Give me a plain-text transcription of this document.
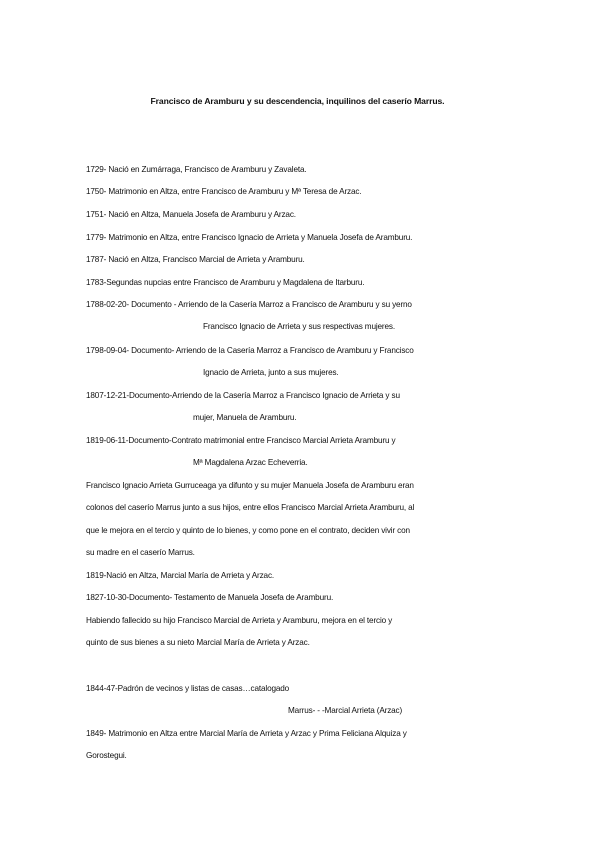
Francisco de Aramburu y su descendencia, inquilinos del caserío Marrus.
1729- Nació en Zumárraga, Francisco de Aramburu y Zavaleta.
1750- Matrimonio en Altza, entre Francisco de Aramburu y Mª Teresa de Arzac.
1751- Nació en Altza, Manuela Josefa de Aramburu y Arzac.
1779- Matrimonio en Altza, entre Francisco Ignacio de Arrieta y Manuela Josefa de Aramburu.
1787- Nació en Altza, Francisco Marcial de Arrieta y Aramburu.
1783-Segundas nupcias entre Francisco de Aramburu y Magdalena de Itarburu.
1788-02-20- Documento - Arriendo de la Casería Marroz a Francisco de Aramburu y su yerno
Francisco Ignacio de Arrieta y sus respectivas mujeres.
1798-09-04- Documento- Arriendo de la Casería Marroz a Francisco de Aramburu y Francisco
Ignacio de Arrieta, junto a sus mujeres.
1807-12-21-Documento-Arriendo de la Casería Marroz a Francisco Ignacio de Arrieta y su
mujer, Manuela de Aramburu.
1819-06-11-Documento-Contrato matrimonial entre Francisco Marcial Arrieta Aramburu y
Mª Magdalena Arzac Echeverria.
Francisco Ignacio Arrieta Gurruceaga ya difunto y su mujer Manuela Josefa de Aramburu eran
colonos del caserío Marrus junto a sus hijos, entre ellos Francisco Marcial Arrieta Aramburu, al
que le mejora en el tercio y quinto de lo bienes, y como pone en el contrato, deciden vivir con
su madre en el caserío Marrus.
1819-Nació en Altza, Marcial María de Arrieta y Arzac.
1827-10-30-Documento- Testamento de Manuela Josefa de Aramburu.
Habiendo fallecido su hijo Francisco Marcial de Arrieta y Aramburu, mejora en el tercio y
quinto de sus bienes a su nieto Marcial María de Arrieta y Arzac.
1844-47-Padrón de vecinos y listas de casas…catalogado
Marrus- - -Marcial Arrieta (Arzac)
1849- Matrimonio en Altza entre Marcial María de Arrieta y Arzac y Prima Feliciana Alquiza y
Gorostegui.
